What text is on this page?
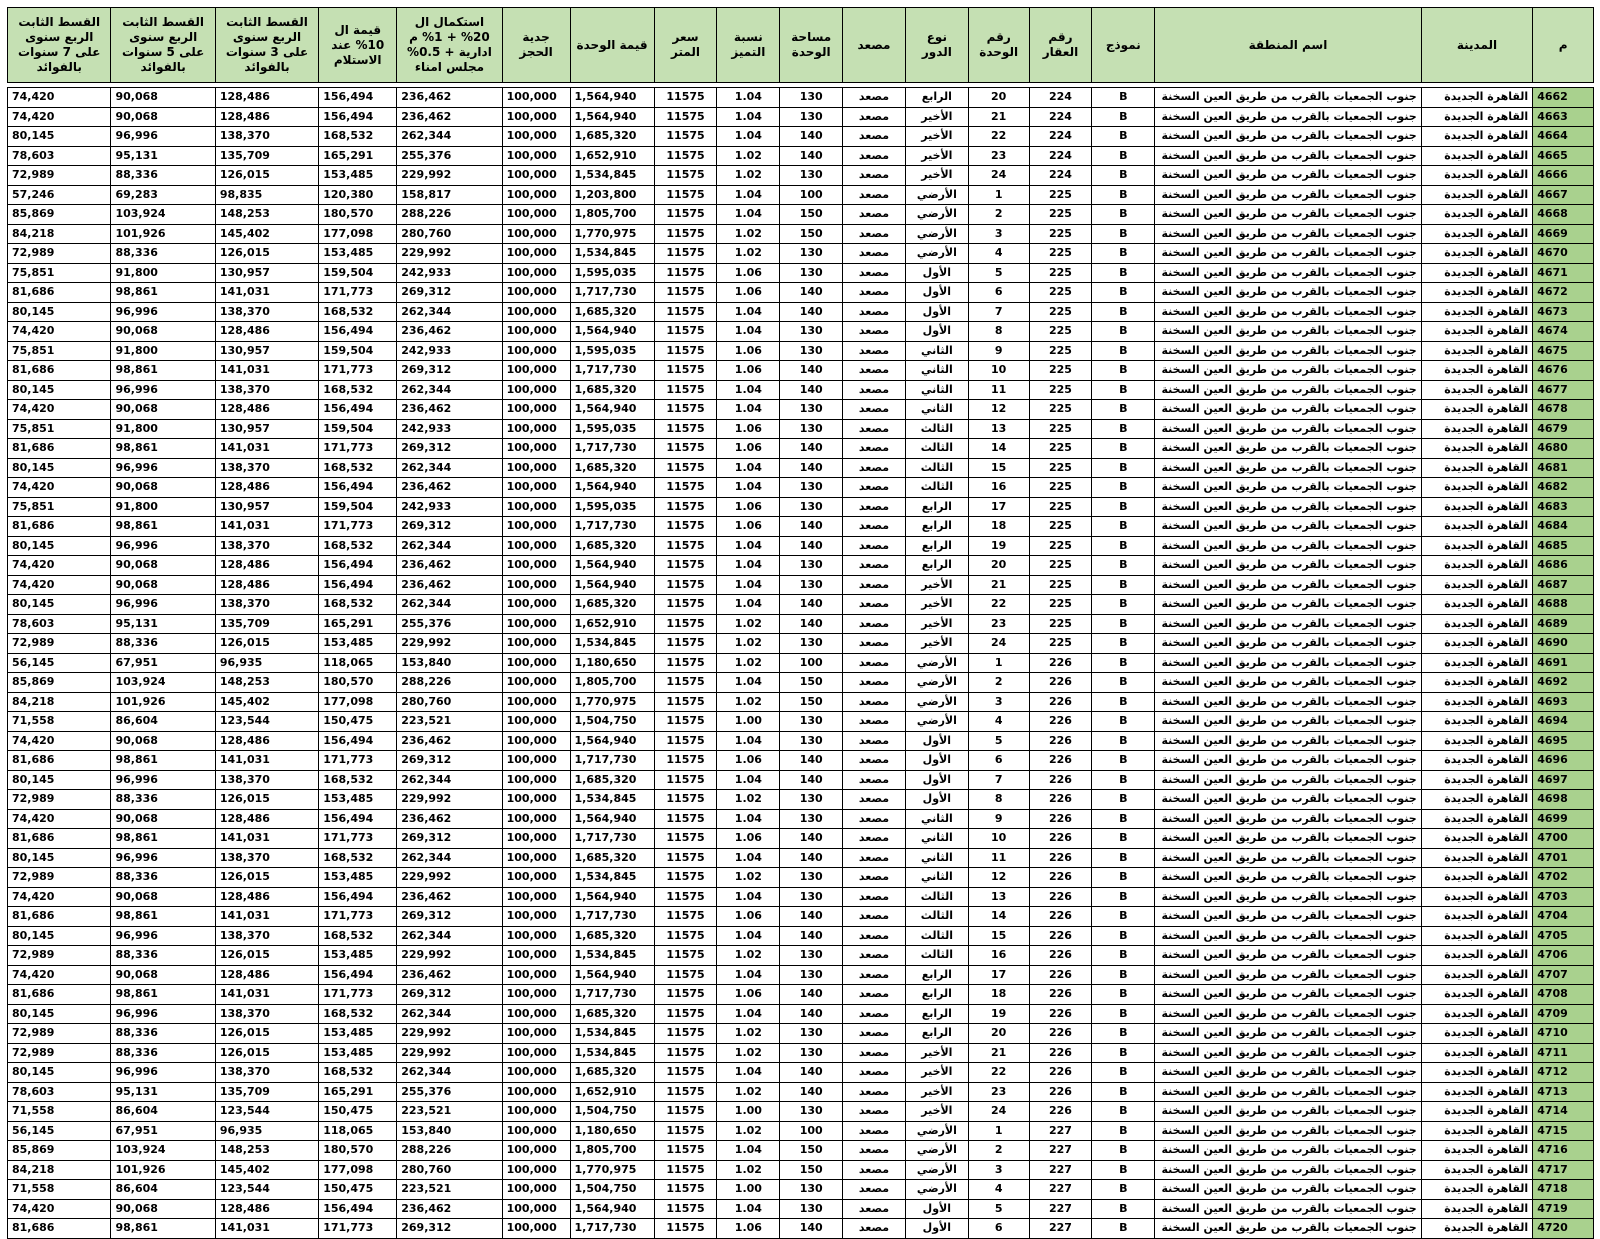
م	المدينة	اسم المنطقة	نموذج	رقم العقار	رقم الوحدة	نوع الدور	مصعد	مساحة الوحدة	نسبة التميز	سعر المتر	قيمة الوحدة	جدية الحجز	استكمال ال 20% + 1% م ادارية + 0.5% مجلس امناء	قيمة ال 10% عند الاستلام	القسط الثابت الربع سنوى على 3 سنوات بالفوائد	القسط الثابت الربع سنوى على 5 سنوات بالفوائد	القسط الثابت الربع سنوى على 7 سنوات بالفوائد

4662	القاهرة الجديدة	جنوب الجمعيات بالقرب من طريق العين السخنة	B	224	20	الرابع	مصعد	130	1.04	11575	1,564,940	100,000	236,462	156,494	128,486	90,068	74,420
4663	القاهرة الجديدة	جنوب الجمعيات بالقرب من طريق العين السخنة	B	224	21	الأخير	مصعد	130	1.04	11575	1,564,940	100,000	236,462	156,494	128,486	90,068	74,420
4664	القاهرة الجديدة	جنوب الجمعيات بالقرب من طريق العين السخنة	B	224	22	الأخير	مصعد	140	1.04	11575	1,685,320	100,000	262,344	168,532	138,370	96,996	80,145
4665	القاهرة الجديدة	جنوب الجمعيات بالقرب من طريق العين السخنة	B	224	23	الأخير	مصعد	140	1.02	11575	1,652,910	100,000	255,376	165,291	135,709	95,131	78,603
4666	القاهرة الجديدة	جنوب الجمعيات بالقرب من طريق العين السخنة	B	224	24	الأخير	مصعد	130	1.02	11575	1,534,845	100,000	229,992	153,485	126,015	88,336	72,989
4667	القاهرة الجديدة	جنوب الجمعيات بالقرب من طريق العين السخنة	B	225	1	الأرضي	مصعد	100	1.04	11575	1,203,800	100,000	158,817	120,380	98,835	69,283	57,246
4668	القاهرة الجديدة	جنوب الجمعيات بالقرب من طريق العين السخنة	B	225	2	الأرضي	مصعد	150	1.04	11575	1,805,700	100,000	288,226	180,570	148,253	103,924	85,869
4669	القاهرة الجديدة	جنوب الجمعيات بالقرب من طريق العين السخنة	B	225	3	الأرضي	مصعد	150	1.02	11575	1,770,975	100,000	280,760	177,098	145,402	101,926	84,218
4670	القاهرة الجديدة	جنوب الجمعيات بالقرب من طريق العين السخنة	B	225	4	الأرضي	مصعد	130	1.02	11575	1,534,845	100,000	229,992	153,485	126,015	88,336	72,989
4671	القاهرة الجديدة	جنوب الجمعيات بالقرب من طريق العين السخنة	B	225	5	الأول	مصعد	130	1.06	11575	1,595,035	100,000	242,933	159,504	130,957	91,800	75,851
4672	القاهرة الجديدة	جنوب الجمعيات بالقرب من طريق العين السخنة	B	225	6	الأول	مصعد	140	1.06	11575	1,717,730	100,000	269,312	171,773	141,031	98,861	81,686
4673	القاهرة الجديدة	جنوب الجمعيات بالقرب من طريق العين السخنة	B	225	7	الأول	مصعد	140	1.04	11575	1,685,320	100,000	262,344	168,532	138,370	96,996	80,145
4674	القاهرة الجديدة	جنوب الجمعيات بالقرب من طريق العين السخنة	B	225	8	الأول	مصعد	130	1.04	11575	1,564,940	100,000	236,462	156,494	128,486	90,068	74,420
4675	القاهرة الجديدة	جنوب الجمعيات بالقرب من طريق العين السخنة	B	225	9	الثاني	مصعد	130	1.06	11575	1,595,035	100,000	242,933	159,504	130,957	91,800	75,851
4676	القاهرة الجديدة	جنوب الجمعيات بالقرب من طريق العين السخنة	B	225	10	الثاني	مصعد	140	1.06	11575	1,717,730	100,000	269,312	171,773	141,031	98,861	81,686
4677	القاهرة الجديدة	جنوب الجمعيات بالقرب من طريق العين السخنة	B	225	11	الثاني	مصعد	140	1.04	11575	1,685,320	100,000	262,344	168,532	138,370	96,996	80,145
4678	القاهرة الجديدة	جنوب الجمعيات بالقرب من طريق العين السخنة	B	225	12	الثاني	مصعد	130	1.04	11575	1,564,940	100,000	236,462	156,494	128,486	90,068	74,420
4679	القاهرة الجديدة	جنوب الجمعيات بالقرب من طريق العين السخنة	B	225	13	الثالث	مصعد	130	1.06	11575	1,595,035	100,000	242,933	159,504	130,957	91,800	75,851
4680	القاهرة الجديدة	جنوب الجمعيات بالقرب من طريق العين السخنة	B	225	14	الثالث	مصعد	140	1.06	11575	1,717,730	100,000	269,312	171,773	141,031	98,861	81,686
4681	القاهرة الجديدة	جنوب الجمعيات بالقرب من طريق العين السخنة	B	225	15	الثالث	مصعد	140	1.04	11575	1,685,320	100,000	262,344	168,532	138,370	96,996	80,145
4682	القاهرة الجديدة	جنوب الجمعيات بالقرب من طريق العين السخنة	B	225	16	الثالث	مصعد	130	1.04	11575	1,564,940	100,000	236,462	156,494	128,486	90,068	74,420
4683	القاهرة الجديدة	جنوب الجمعيات بالقرب من طريق العين السخنة	B	225	17	الرابع	مصعد	130	1.06	11575	1,595,035	100,000	242,933	159,504	130,957	91,800	75,851
4684	القاهرة الجديدة	جنوب الجمعيات بالقرب من طريق العين السخنة	B	225	18	الرابع	مصعد	140	1.06	11575	1,717,730	100,000	269,312	171,773	141,031	98,861	81,686
4685	القاهرة الجديدة	جنوب الجمعيات بالقرب من طريق العين السخنة	B	225	19	الرابع	مصعد	140	1.04	11575	1,685,320	100,000	262,344	168,532	138,370	96,996	80,145
4686	القاهرة الجديدة	جنوب الجمعيات بالقرب من طريق العين السخنة	B	225	20	الرابع	مصعد	130	1.04	11575	1,564,940	100,000	236,462	156,494	128,486	90,068	74,420
4687	القاهرة الجديدة	جنوب الجمعيات بالقرب من طريق العين السخنة	B	225	21	الأخير	مصعد	130	1.04	11575	1,564,940	100,000	236,462	156,494	128,486	90,068	74,420
4688	القاهرة الجديدة	جنوب الجمعيات بالقرب من طريق العين السخنة	B	225	22	الأخير	مصعد	140	1.04	11575	1,685,320	100,000	262,344	168,532	138,370	96,996	80,145
4689	القاهرة الجديدة	جنوب الجمعيات بالقرب من طريق العين السخنة	B	225	23	الأخير	مصعد	140	1.02	11575	1,652,910	100,000	255,376	165,291	135,709	95,131	78,603
4690	القاهرة الجديدة	جنوب الجمعيات بالقرب من طريق العين السخنة	B	225	24	الأخير	مصعد	130	1.02	11575	1,534,845	100,000	229,992	153,485	126,015	88,336	72,989
4691	القاهرة الجديدة	جنوب الجمعيات بالقرب من طريق العين السخنة	B	226	1	الأرضي	مصعد	100	1.02	11575	1,180,650	100,000	153,840	118,065	96,935	67,951	56,145
4692	القاهرة الجديدة	جنوب الجمعيات بالقرب من طريق العين السخنة	B	226	2	الأرضي	مصعد	150	1.04	11575	1,805,700	100,000	288,226	180,570	148,253	103,924	85,869
4693	القاهرة الجديدة	جنوب الجمعيات بالقرب من طريق العين السخنة	B	226	3	الأرضي	مصعد	150	1.02	11575	1,770,975	100,000	280,760	177,098	145,402	101,926	84,218
4694	القاهرة الجديدة	جنوب الجمعيات بالقرب من طريق العين السخنة	B	226	4	الأرضي	مصعد	130	1.00	11575	1,504,750	100,000	223,521	150,475	123,544	86,604	71,558
4695	القاهرة الجديدة	جنوب الجمعيات بالقرب من طريق العين السخنة	B	226	5	الأول	مصعد	130	1.04	11575	1,564,940	100,000	236,462	156,494	128,486	90,068	74,420
4696	القاهرة الجديدة	جنوب الجمعيات بالقرب من طريق العين السخنة	B	226	6	الأول	مصعد	140	1.06	11575	1,717,730	100,000	269,312	171,773	141,031	98,861	81,686
4697	القاهرة الجديدة	جنوب الجمعيات بالقرب من طريق العين السخنة	B	226	7	الأول	مصعد	140	1.04	11575	1,685,320	100,000	262,344	168,532	138,370	96,996	80,145
4698	القاهرة الجديدة	جنوب الجمعيات بالقرب من طريق العين السخنة	B	226	8	الأول	مصعد	130	1.02	11575	1,534,845	100,000	229,992	153,485	126,015	88,336	72,989
4699	القاهرة الجديدة	جنوب الجمعيات بالقرب من طريق العين السخنة	B	226	9	الثاني	مصعد	130	1.04	11575	1,564,940	100,000	236,462	156,494	128,486	90,068	74,420
4700	القاهرة الجديدة	جنوب الجمعيات بالقرب من طريق العين السخنة	B	226	10	الثاني	مصعد	140	1.06	11575	1,717,730	100,000	269,312	171,773	141,031	98,861	81,686
4701	القاهرة الجديدة	جنوب الجمعيات بالقرب من طريق العين السخنة	B	226	11	الثاني	مصعد	140	1.04	11575	1,685,320	100,000	262,344	168,532	138,370	96,996	80,145
4702	القاهرة الجديدة	جنوب الجمعيات بالقرب من طريق العين السخنة	B	226	12	الثاني	مصعد	130	1.02	11575	1,534,845	100,000	229,992	153,485	126,015	88,336	72,989
4703	القاهرة الجديدة	جنوب الجمعيات بالقرب من طريق العين السخنة	B	226	13	الثالث	مصعد	130	1.04	11575	1,564,940	100,000	236,462	156,494	128,486	90,068	74,420
4704	القاهرة الجديدة	جنوب الجمعيات بالقرب من طريق العين السخنة	B	226	14	الثالث	مصعد	140	1.06	11575	1,717,730	100,000	269,312	171,773	141,031	98,861	81,686
4705	القاهرة الجديدة	جنوب الجمعيات بالقرب من طريق العين السخنة	B	226	15	الثالث	مصعد	140	1.04	11575	1,685,320	100,000	262,344	168,532	138,370	96,996	80,145
4706	القاهرة الجديدة	جنوب الجمعيات بالقرب من طريق العين السخنة	B	226	16	الثالث	مصعد	130	1.02	11575	1,534,845	100,000	229,992	153,485	126,015	88,336	72,989
4707	القاهرة الجديدة	جنوب الجمعيات بالقرب من طريق العين السخنة	B	226	17	الرابع	مصعد	130	1.04	11575	1,564,940	100,000	236,462	156,494	128,486	90,068	74,420
4708	القاهرة الجديدة	جنوب الجمعيات بالقرب من طريق العين السخنة	B	226	18	الرابع	مصعد	140	1.06	11575	1,717,730	100,000	269,312	171,773	141,031	98,861	81,686
4709	القاهرة الجديدة	جنوب الجمعيات بالقرب من طريق العين السخنة	B	226	19	الرابع	مصعد	140	1.04	11575	1,685,320	100,000	262,344	168,532	138,370	96,996	80,145
4710	القاهرة الجديدة	جنوب الجمعيات بالقرب من طريق العين السخنة	B	226	20	الرابع	مصعد	130	1.02	11575	1,534,845	100,000	229,992	153,485	126,015	88,336	72,989
4711	القاهرة الجديدة	جنوب الجمعيات بالقرب من طريق العين السخنة	B	226	21	الأخير	مصعد	130	1.02	11575	1,534,845	100,000	229,992	153,485	126,015	88,336	72,989
4712	القاهرة الجديدة	جنوب الجمعيات بالقرب من طريق العين السخنة	B	226	22	الأخير	مصعد	140	1.04	11575	1,685,320	100,000	262,344	168,532	138,370	96,996	80,145
4713	القاهرة الجديدة	جنوب الجمعيات بالقرب من طريق العين السخنة	B	226	23	الأخير	مصعد	140	1.02	11575	1,652,910	100,000	255,376	165,291	135,709	95,131	78,603
4714	القاهرة الجديدة	جنوب الجمعيات بالقرب من طريق العين السخنة	B	226	24	الأخير	مصعد	130	1.00	11575	1,504,750	100,000	223,521	150,475	123,544	86,604	71,558
4715	القاهرة الجديدة	جنوب الجمعيات بالقرب من طريق العين السخنة	B	227	1	الأرضي	مصعد	100	1.02	11575	1,180,650	100,000	153,840	118,065	96,935	67,951	56,145
4716	القاهرة الجديدة	جنوب الجمعيات بالقرب من طريق العين السخنة	B	227	2	الأرضي	مصعد	150	1.04	11575	1,805,700	100,000	288,226	180,570	148,253	103,924	85,869
4717	القاهرة الجديدة	جنوب الجمعيات بالقرب من طريق العين السخنة	B	227	3	الأرضي	مصعد	150	1.02	11575	1,770,975	100,000	280,760	177,098	145,402	101,926	84,218
4718	القاهرة الجديدة	جنوب الجمعيات بالقرب من طريق العين السخنة	B	227	4	الأرضي	مصعد	130	1.00	11575	1,504,750	100,000	223,521	150,475	123,544	86,604	71,558
4719	القاهرة الجديدة	جنوب الجمعيات بالقرب من طريق العين السخنة	B	227	5	الأول	مصعد	130	1.04	11575	1,564,940	100,000	236,462	156,494	128,486	90,068	74,420
4720	القاهرة الجديدة	جنوب الجمعيات بالقرب من طريق العين السخنة	B	227	6	الأول	مصعد	140	1.06	11575	1,717,730	100,000	269,312	171,773	141,031	98,861	81,686
